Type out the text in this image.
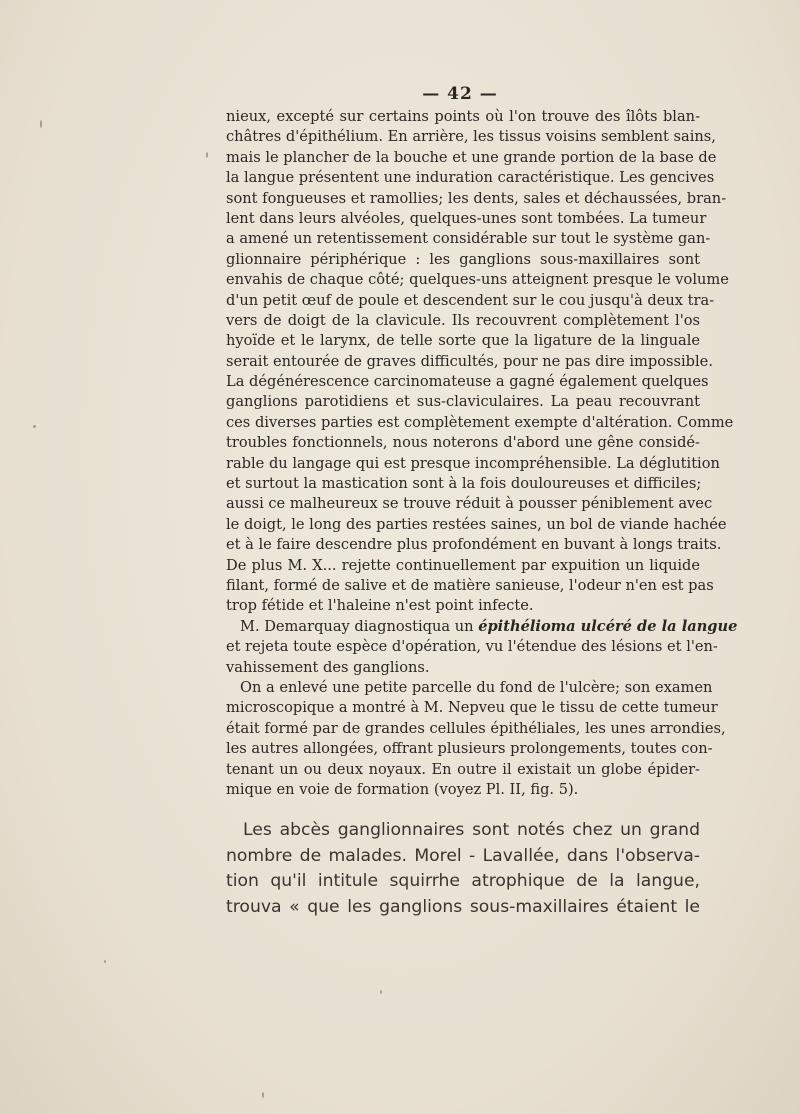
— 42 —
nieux, excepté sur certains points où l'on trouve des îlôts blan-
châtres d'épithélium. En arrière, les tissus voisins semblent sains,
mais le plancher de la bouche et une grande portion de la base de
la langue présentent une induration caractéristique. Les gencives
sont fongueuses et ramollies; les dents, sales et déchaussées, bran-
lent dans leurs alvéoles, quelques-unes sont tombées. La tumeur
a amené un retentissement considérable sur tout le système gan-
glionnaire périphérique : les ganglions sous-maxillaires sont
envahis de chaque côté; quelques-uns atteignent presque le volume
d'un petit œuf de poule et descendent sur le cou jusqu'à deux tra-
vers de doigt de la clavicule. Ils recouvrent complètement l'os
hyoïde et le larynx, de telle sorte que la ligature de la linguale
serait entourée de graves difficultés, pour ne pas dire impossible.
La dégénérescence carcinomateuse a gagné également quelques
ganglions parotidiens et sus-claviculaires. La peau recouvrant
ces diverses parties est complètement exempte d'altération. Comme
troubles fonctionnels, nous noterons d'abord une gêne considé-
rable du langage qui est presque incompréhensible. La déglutition
et surtout la mastication sont à la fois douloureuses et difficiles;
aussi ce malheureux se trouve réduit à pousser péniblement avec
le doigt, le long des parties restées saines, un bol de viande hachée
et à le faire descendre plus profondément en buvant à longs traits.
De plus M. X... rejette continuellement par expuition un liquide
filant, formé de salive et de matière sanieuse, l'odeur n'en est pas
trop fétide et l'haleine n'est point infecte.
M. Demarquay diagnostiqua un épithélioma ulcéré de la langue
et rejeta toute espèce d'opération, vu l'étendue des lésions et l'en-
vahissement des ganglions.
On a enlevé une petite parcelle du fond de l'ulcère; son examen
microscopique a montré à M. Nepveu que le tissu de cette tumeur
était formé par de grandes cellules épithéliales, les unes arrondies,
les autres allongées, offrant plusieurs prolongements, toutes con-
tenant un ou deux noyaux. En outre il existait un globe épider-
mique en voie de formation (voyez Pl. II, fig. 5).
Les abcès ganglionnaires sont notés chez un grand
nombre de malades. Morel - Lavallée, dans l'observa-
tion qu'il intitule squirrhe atrophique de la langue,
trouva « que les ganglions sous-maxillaires étaient le
